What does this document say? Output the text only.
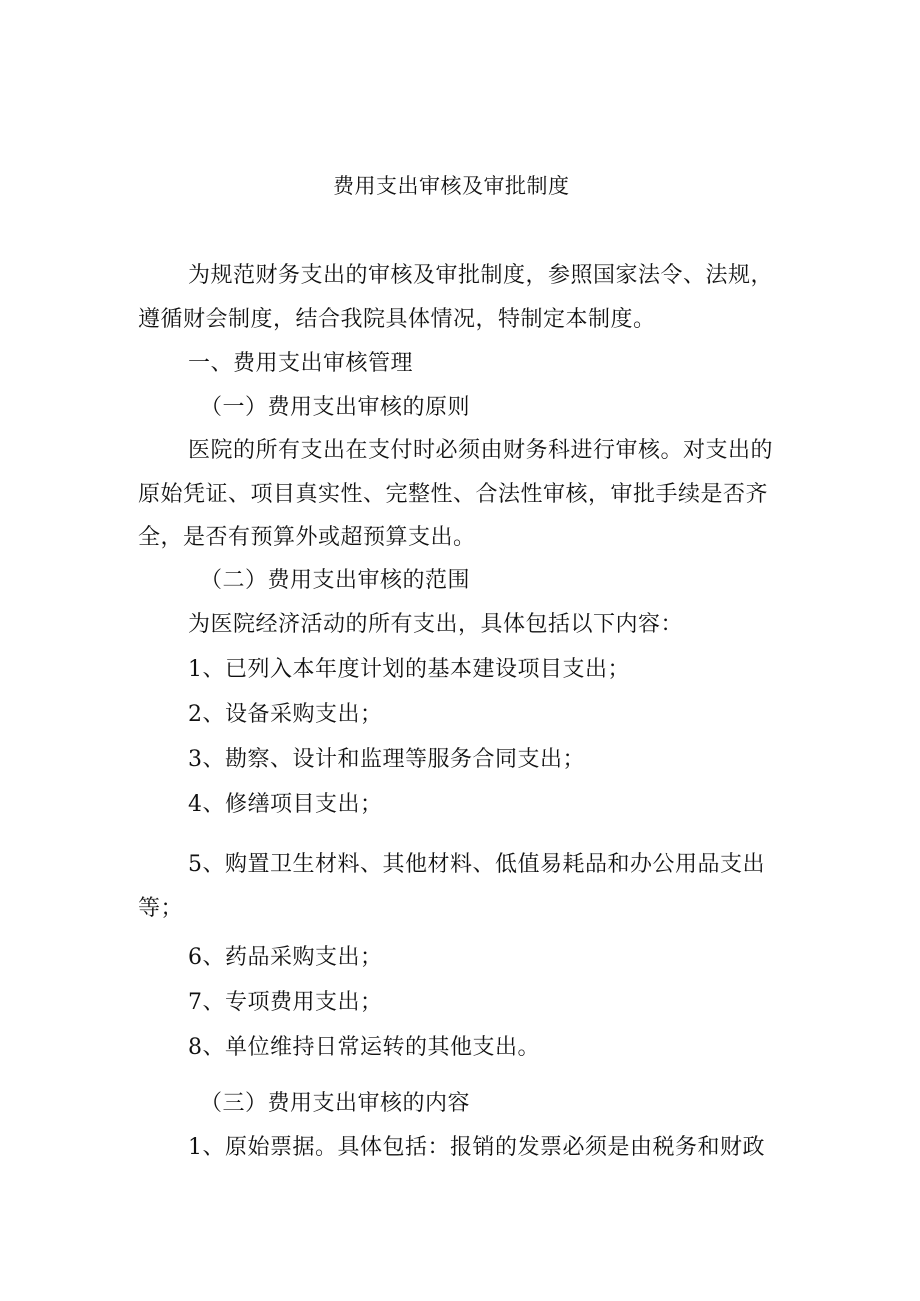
费用支出审核及审批制度
为规范财务支出的审核及审批制度，参照国家法令、法规，
遵循财会制度，结合我院具体情况，特制定本制度。
一、费用支出审核管理
（一）费用支出审核的原则
医院的所有支出在支付时必须由财务科进行审核。对支出的
原始凭证、项目真实性、完整性、合法性审核，审批手续是否齐
全，是否有预算外或超预算支出。
（二）费用支出审核的范围
为医院经济活动的所有支出，具体包括以下内容：
1、已列入本年度计划的基本建设项目支出；
2、设备采购支出；
3、勘察、设计和监理等服务合同支出；
4、修缮项目支出；
5、购置卫生材料、其他材料、低值易耗品和办公用品支出
等；
6、药品采购支出；
7、专项费用支出；
8、单位维持日常运转的其他支出。
（三）费用支出审核的内容
1、原始票据。具体包括：报销的发票必须是由税务和财政
